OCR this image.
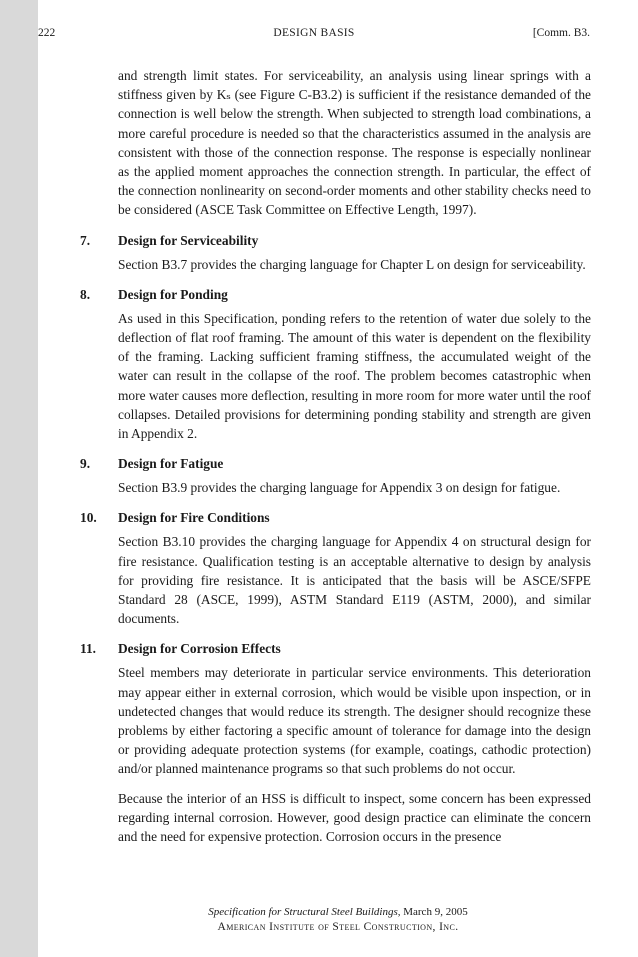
222	DESIGN BASIS	[Comm. B3.

and strength limit states. For serviceability, an analysis using linear springs with a stiffness given by Kₛ (see Figure C-B3.2) is sufficient if the resistance demanded of the connection is well below the strength. When subjected to strength load combinations, a more careful procedure is needed so that the characteristics assumed in the analysis are consistent with those of the connection response. The response is especially nonlinear as the applied moment approaches the connection strength. In particular, the effect of the connection nonlinearity on second-order moments and other stability checks need to be considered (ASCE Task Committee on Effective Length, 1997).

7.	Design for Serviceability

Section B3.7 provides the charging language for Chapter L on design for serviceability.

8.	Design for Ponding

As used in this Specification, ponding refers to the retention of water due solely to the deflection of flat roof framing. The amount of this water is dependent on the flexibility of the framing. Lacking sufficient framing stiffness, the accumulated weight of the water can result in the collapse of the roof. The problem becomes catastrophic when more water causes more deflection, resulting in more room for more water until the roof collapses. Detailed provisions for determining ponding stability and strength are given in Appendix 2.

9.	Design for Fatigue

Section B3.9 provides the charging language for Appendix 3 on design for fatigue.

10.	Design for Fire Conditions

Section B3.10 provides the charging language for Appendix 4 on structural design for fire resistance. Qualification testing is an acceptable alternative to design by analysis for providing fire resistance. It is anticipated that the basis will be ASCE/SFPE Standard 28 (ASCE, 1999), ASTM Standard E119 (ASTM, 2000), and similar documents.

11.	Design for Corrosion Effects

Steel members may deteriorate in particular service environments. This deterioration may appear either in external corrosion, which would be visible upon inspection, or in undetected changes that would reduce its strength. The designer should recognize these problems by either factoring a specific amount of tolerance for damage into the design or providing adequate protection systems (for example, coatings, cathodic protection) and/or planned maintenance programs so that such problems do not occur.

Because the interior of an HSS is difficult to inspect, some concern has been expressed regarding internal corrosion. However, good design practice can eliminate the concern and the need for expensive protection. Corrosion occurs in the presence

Specification for Structural Steel Buildings, March 9, 2005
American Institute of Steel Construction, Inc.
